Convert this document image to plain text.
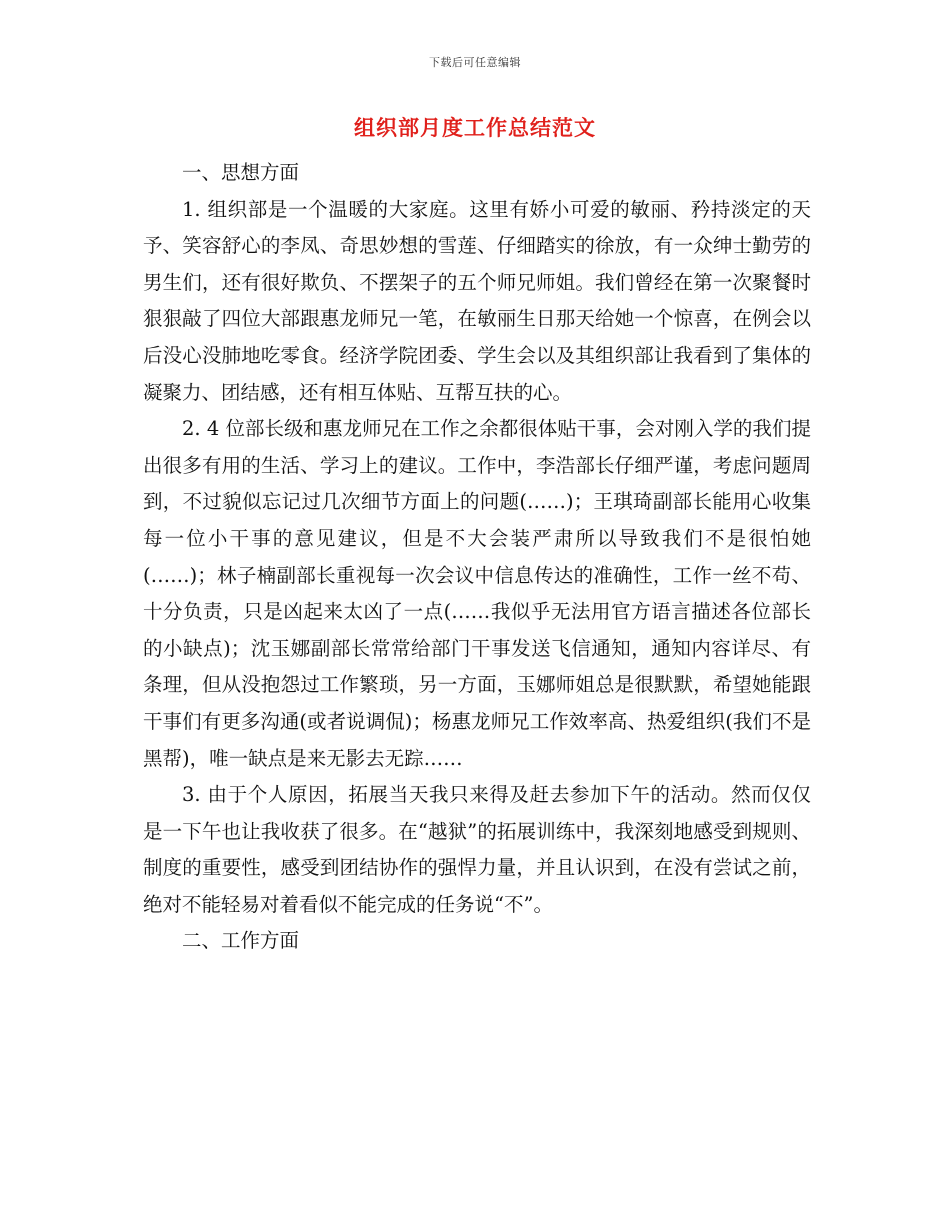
下载后可任意编辑
组织部月度工作总结范文

一、思想方面

1. 组织部是一个温暖的大家庭。这里有娇小可爱的敏丽、矜持淡定的天予、笑容舒心的李凤、奇思妙想的雪莲、仔细踏实的徐放，有一众绅士勤劳的男生们，还有很好欺负、不摆架子的五个师兄师姐。我们曾经在第一次聚餐时狠狠敲了四位大部跟惠龙师兄一笔，在敏丽生日那天给她一个惊喜，在例会以后没心没肺地吃零食。经济学院团委、学生会以及其组织部让我看到了集体的凝聚力、团结感，还有相互体贴、互帮互扶的心。

2. 4 位部长级和惠龙师兄在工作之余都很体贴干事，会对刚入学的我们提出很多有用的生活、学习上的建议。工作中，李浩部长仔细严谨，考虑问题周到，不过貌似忘记过几次细节方面上的问题(……)；王琪琦副部长能用心收集每一位小干事的意见建议，但是不大会装严肃所以导致我们不是很怕她(……)；林子楠副部长重视每一次会议中信息传达的准确性，工作一丝不苟、十分负责，只是凶起来太凶了一点(……我似乎无法用官方语言描述各位部长的小缺点)；沈玉娜副部长常常给部门干事发送飞信通知，通知内容详尽、有条理，但从没抱怨过工作繁琐，另一方面，玉娜师姐总是很默默，希望她能跟干事们有更多沟通(或者说调侃)；杨惠龙师兄工作效率高、热爱组织(我们不是黑帮)，唯一缺点是来无影去无踪……

3. 由于个人原因，拓展当天我只来得及赶去参加下午的活动。然而仅仅是一下午也让我收获了很多。在“越狱”的拓展训练中，我深刻地感受到规则、制度的重要性，感受到团结协作的强悍力量，并且认识到，在没有尝试之前，绝对不能轻易对着看似不能完成的任务说“不”。

二、工作方面
